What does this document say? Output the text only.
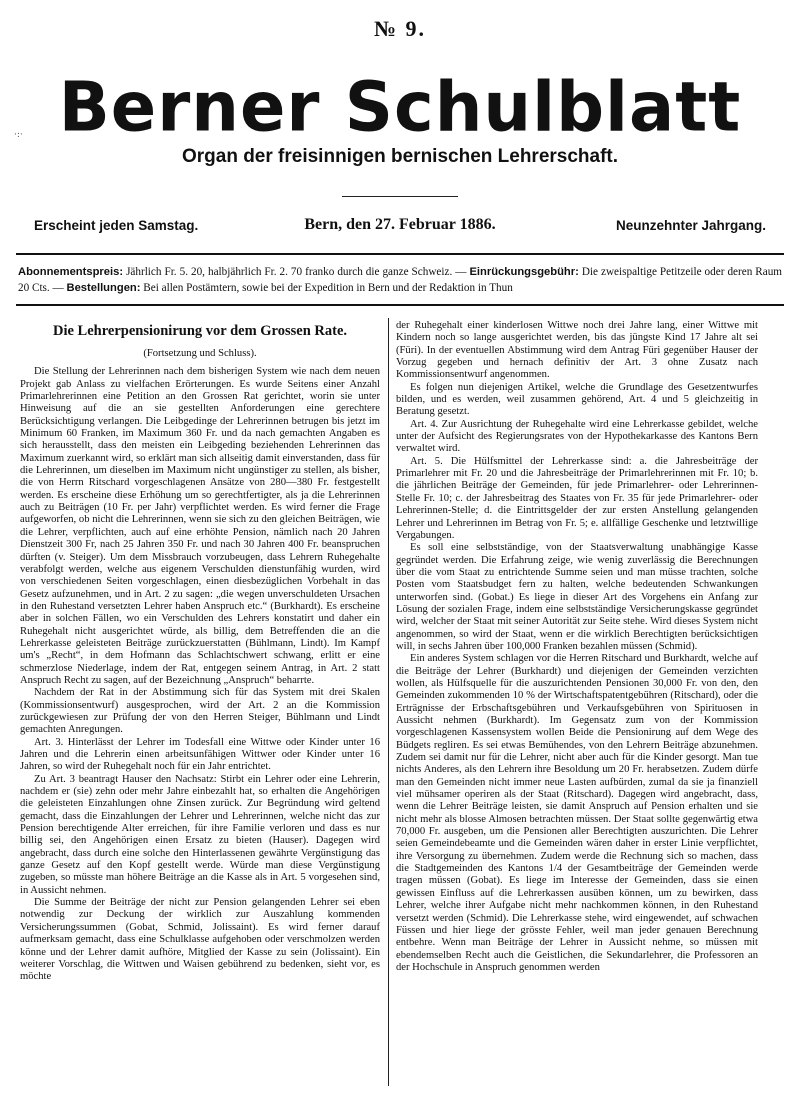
№ 9.
Berner Schulblatt
·:·
Organ der freisinnigen bernischen Lehrerschaft.
Erscheint jeden Samstag.	Bern, den 27. Februar 1886.	Neunzehnter Jahrgang.
Abonnementspreis: Jährlich Fr. 5. 20, halbjährlich Fr. 2. 70 franko durch die ganze Schweiz. — Einrückungsgebühr: Die zweispaltige Petitzeile oder deren Raum 20 Cts. — Bestellungen: Bei allen Postämtern, sowie bei der Expedition in Bern und der Redaktion in Thun
Die Lehrerpensionirung vor dem Grossen Rate.
(Fortsetzung und Schluss).

Die Stellung der Lehrerinnen nach dem bisherigen System wie nach dem neuen Projekt gab Anlass zu vielfachen Erörterungen. Es wurde Seitens einer Anzahl Primarlehrerinnen eine Petition an den Grossen Rat gerichtet, worin sie unter Hinweisung auf die an sie gestellten Anforderungen eine gerechtere Berücksichtigung verlangen. Die Leibgedinge der Lehrerinnen betrugen bis jetzt im Minimum 60 Franken, im Maximum 360 Fr. und da nach gemachten Angaben es sich herausstellt, dass den meisten ein Leibgeding beziehenden Lehrerinnen das Maximum zuerkannt wird, so erklärt man sich allseitig damit einverstanden, dass für die Lehrerinnen, um dieselben im Maximum nicht ungünstiger zu stellen, als bisher, die von Herrn Ritschard vorgeschlagenen Ansätze von 280—380 Fr. festgestellt werden. Es erscheine diese Erhöhung um so gerechtfertigter, als ja die Lehrerinnen auch zu Beiträgen (10 Fr. per Jahr) verpflichtet werden. Es wird ferner die Frage aufgeworfen, ob nicht die Lehrerinnen, wenn sie sich zu den gleichen Beiträgen, wie die Lehrer, verpflichten, auch auf eine erhöhte Pension, nämlich nach 20 Jahren Dienstzeit 300 Fr, nach 25 Jahren 350 Fr. und nach 30 Jahren 400 Fr. beanspruchen dürften (v. Steiger). Um dem Missbrauch vorzubeugen, dass Lehrern Ruhegehalte verabfolgt werden, welche aus eigenem Verschulden dienstunfähig wurden, wird von verschiedenen Seiten vorgeschlagen, einen diesbezüglichen Vorbehalt in das Gesetz aufzunehmen, und in Art. 2 zu sagen: „die wegen unverschuldeten Ursachen in den Ruhestand versetzten Lehrer haben Anspruch etc.“ (Burkhardt). Es erscheine aber in solchen Fällen, wo ein Verschulden des Lehrers konstatirt und daher ein Ruhegehalt nicht ausgerichtet würde, als billig, dem Betreffenden die an die Lehrerkasse geleisteten Beiträge zurückzuerstatten (Bühlmann, Lindt). Im Kampf um's „Recht“, in dem Hofmann das Schlachtschwert schwang, erlitt er eine schmerzlose Niederlage, indem der Rat, entgegen seinem Antrag, in Art. 2 statt Anspruch Recht zu sagen, auf der Bezeichnung „Anspruch“ beharrte.

Nachdem der Rat in der Abstimmung sich für das System mit drei Skalen (Kommissionsentwurf) ausgesprochen, wird der Art. 2 an die Kommission zurückgewiesen zur Prüfung der von den Herren Steiger, Bühlmann und Lindt gemachten Anregungen.

Art. 3. Hinterlässt der Lehrer im Todesfall eine Wittwe oder Kinder unter 16 Jahren und die Lehrerin einen arbeitsunfähigen Wittwer oder Kinder unter 16 Jahren, so wird der Ruhegehalt noch für ein Jahr entrichtet.

Zu Art. 3 beantragt Hauser den Nachsatz: Stirbt ein Lehrer oder eine Lehrerin, nachdem er (sie) zehn oder mehr Jahre einbezahlt hat, so erhalten die Angehörigen die geleisteten Einzahlungen ohne Zinsen zurück. Zur Begründung wird geltend gemacht, dass die Einzahlungen der Lehrer und Lehrerinnen, welche nicht das zur Pension berechtigende Alter erreichen, für ihre Familie verloren und dass es nur billig sei, den Angehörigen einen Ersatz zu bieten (Hauser). Dagegen wird angebracht, dass durch eine solche den Hinterlassenen gewährte Vergünstigung das ganze Gesetz auf den Kopf gestellt werde. Würde man diese Vergünstigung zugeben, so müsste man höhere Beiträge an die Kasse als in Art. 5 vorgesehen sind, in Aussicht nehmen.

Die Summe der Beiträge der nicht zur Pension gelangenden Lehrer sei eben notwendig zur Deckung der wirklich zur Auszahlung kommenden Versicherungssummen (Gobat, Schmid, Jolissaint). Es wird ferner darauf aufmerksam gemacht, dass eine Schulklasse aufgehoben oder verschmolzen werden könne und der Lehrer damit aufhöre, Mitglied der Kasse zu sein (Jolissaint). Ein weiterer Vorschlag, die Wittwen und Waisen gebührend zu bedenken, sieht vor, es möchte

der Ruhegehalt einer kinderlosen Wittwe noch drei Jahre lang, einer Wittwe mit Kindern noch so lange ausgerichtet werden, bis das jüngste Kind 17 Jahre alt sei (Füri). In der eventuellen Abstimmung wird dem Antrag Füri gegenüber Hauser der Vorzug gegeben und hernach definitiv der Art. 3 ohne Zusatz nach Kommissionsentwurf angenommen.

Es folgen nun diejenigen Artikel, welche die Grundlage des Gesetzentwurfes bilden, und es werden, weil zusammen gehörend, Art. 4 und 5 gleichzeitig in Beratung gesetzt.

Art. 4. Zur Ausrichtung der Ruhegehalte wird eine Lehrerkasse gebildet, welche unter der Aufsicht des Regierungsrates von der Hypothekarkasse des Kantons Bern verwaltet wird.

Art. 5. Die Hülfsmittel der Lehrerkasse sind: a. die Jahresbeiträge der Primarlehrer mit Fr. 20 und die Jahresbeiträge der Primarlehrerinnen mit Fr. 10; b. die jährlichen Beiträge der Gemeinden, für jede Primarlehrer- oder Lehrerinnen-Stelle Fr. 10; c. der Jahresbeitrag des Staates von Fr. 35 für jede Primarlehrer- oder Lehrerinnen-Stelle; d. die Eintrittsgelder der zur ersten Anstellung gelangenden Lehrer und Lehrerinnen im Betrag von Fr. 5; e. allfällige Geschenke und letztwillige Vergabungen.

Es soll eine selbstständige, von der Staatsverwaltung unabhängige Kasse gegründet werden. Die Erfahrung zeige, wie wenig zuverlässig die Berechnungen über die vom Staat zu entrichtende Summe seien und man müsse trachten, solche Posten vom Staatsbudget fern zu halten, welche bedeutenden Schwankungen unterworfen sind. (Gobat.) Es liege in dieser Art des Vorgehens ein Anfang zur Lösung der sozialen Frage, indem eine selbstständige Versicherungskasse gegründet wird, welcher der Staat mit seiner Autorität zur Seite stehe. Wird dieses System nicht angenommen, so wird der Staat, wenn er die wirklich Berechtigten berücksichtigen will, in sechs Jahren über 100,000 Franken bezahlen müssen (Schmid).

Ein anderes System schlagen vor die Herren Ritschard und Burkhardt, welche auf die Beiträge der Lehrer (Burkhardt) und diejenigen der Gemeinden verzichten wollen, als Hülfsquelle für die auszurichtenden Pensionen 30,000 Fr. von den, den Gemeinden zukommenden 10 % der Wirtschaftspatentgebühren (Ritschard), oder die Erträgnisse der Erbschaftsgebühren und Verkaufsgebühren von Spirituosen in Aussicht nehmen (Burkhardt). Im Gegensatz zum von der Kommission vorgeschlagenen Kassensystem wollen Beide die Pensionirung auf dem Wege des Büdgets regliren. Es sei etwas Bemühendes, von den Lehrern Beiträge abzunehmen. Zudem sei damit nur für die Lehrer, nicht aber auch für die Kinder gesorgt. Man tue nichts Anderes, als den Lehrern ihre Besoldung um 20 Fr. herabsetzen. Zudem dürfe man den Gemeinden nicht immer neue Lasten aufbürden, zumal da sie ja finanziell viel mühsamer operiren als der Staat (Ritschard). Dagegen wird angebracht, dass, wenn die Lehrer Beiträge leisten, sie damit Anspruch auf Pension erhalten und sie nicht mehr als blosse Almosen betrachten müssen. Der Staat sollte gegenwärtig etwa 70,000 Fr. ausgeben, um die Pensionen aller Berechtigten auszurichten. Die Lehrer seien Gemeindebeamte und die Gemeinden wären daher in erster Linie verpflichtet, ihre Versorgung zu übernehmen. Zudem werde die Rechnung sich so machen, dass die Stadtgemeinden des Kantons 1/4 der Gesamtbeiträge der Gemeinden werde tragen müssen (Gobat). Es liege im Interesse der Gemeinden, dass sie einen gewissen Einfluss auf die Lehrerkassen ausüben können, um zu bewirken, dass Lehrer, welche ihrer Aufgabe nicht mehr nachkommen können, in den Ruhestand versetzt werden (Schmid). Die Lehrerkasse stehe, wird eingewendet, auf schwachen Füssen und hier liege der grösste Fehler, weil man jeder genauen Berechnung entbehre. Wenn man Beiträge der Lehrer in Aussicht nehme, so müssen mit ebendemselben Recht auch die Geistlichen, die Sekundarlehrer, die Professoren an der Hochschule in Anspruch genommen werden
